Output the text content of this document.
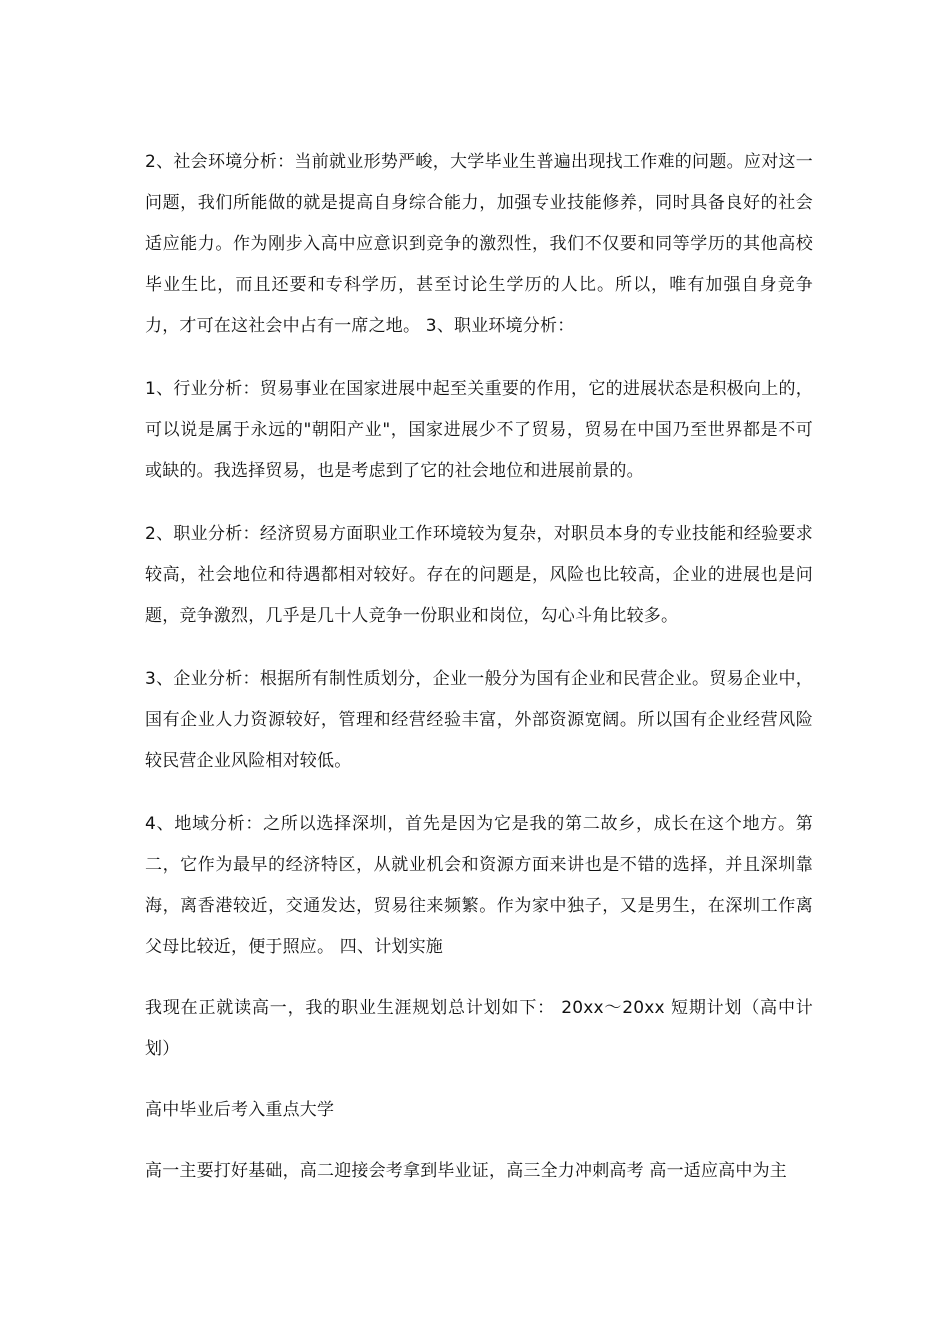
2、社会环境分析：当前就业形势严峻，大学毕业生普遍出现找工作难的问题。应对这一问题，我们所能做的就是提高自身综合能力，加强专业技能修养，同时具备良好的社会适应能力。作为刚步入高中应意识到竞争的激烈性，我们不仅要和同等学历的其他高校毕业生比，而且还要和专科学历，甚至讨论生学历的人比。所以，唯有加强自身竞争力，才可在这社会中占有一席之地。 3、职业环境分析：

1、行业分析：贸易事业在国家进展中起至关重要的作用，它的进展状态是积极向上的，可以说是属于永远的"朝阳产业"，国家进展少不了贸易，贸易在中国乃至世界都是不可或缺的。我选择贸易，也是考虑到了它的社会地位和进展前景的。

2、职业分析：经济贸易方面职业工作环境较为复杂，对职员本身的专业技能和经验要求较高，社会地位和待遇都相对较好。存在的问题是，风险也比较高，企业的进展也是问题，竞争激烈，几乎是几十人竞争一份职业和岗位，勾心斗角比较多。

3、企业分析：根据所有制性质划分，企业一般分为国有企业和民营企业。贸易企业中，国有企业人力资源较好，管理和经营经验丰富，外部资源宽阔。所以国有企业经营风险较民营企业风险相对较低。

4、地域分析：之所以选择深圳，首先是因为它是我的第二故乡，成长在这个地方。第二，它作为最早的经济特区，从就业机会和资源方面来讲也是不错的选择，并且深圳靠海，离香港较近，交通发达，贸易往来频繁。作为家中独子，又是男生，在深圳工作离父母比较近，便于照应。 四、计划实施

我现在正就读高一，我的职业生涯规划总计划如下： 20xx～20xx 短期计划（高中计划）

高中毕业后考入重点大学

高一主要打好基础，高二迎接会考拿到毕业证，高三全力冲刺高考 高一适应高中为主
